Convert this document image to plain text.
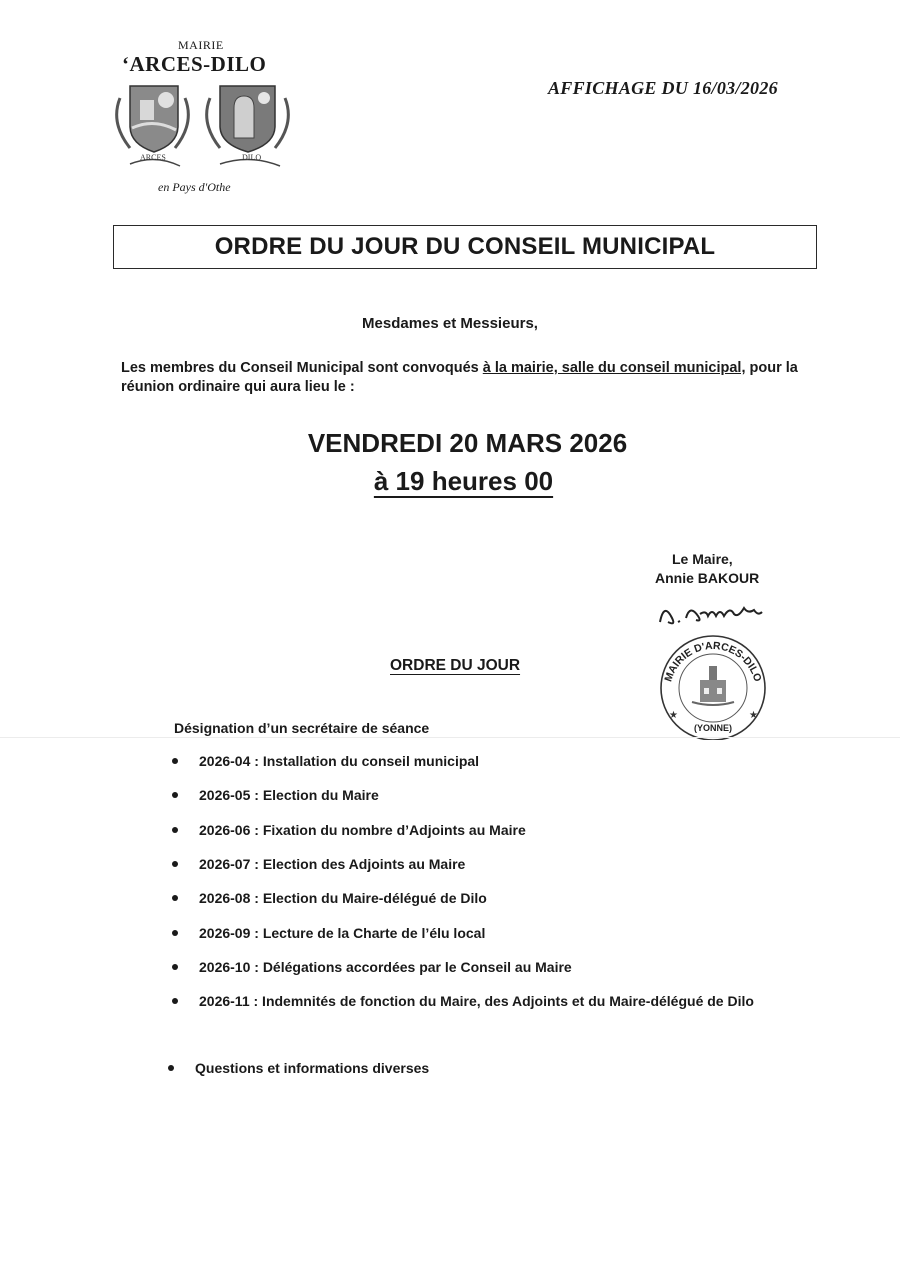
MAIRIE
ʻARCES-DILO
ARCES	DILO
en Pays d'Othe
AFFICHAGE DU 16/03/2026
ORDRE DU JOUR DU CONSEIL MUNICIPAL
Mesdames et Messieurs,
Les membres du Conseil Municipal sont convoqués à la mairie, salle du conseil municipal, pour la réunion ordinaire qui aura lieu le :
VENDREDI 20 MARS 2026
à 19 heures 00
Le Maire,
Annie BAKOUR
MAIRIE D'ARCES-DILO
★	★
(YONNE)
ORDRE DU JOUR
Désignation d’un secrétaire de séance
2026-04 : Installation du conseil municipal
2026-05 : Election du Maire
2026-06 : Fixation du nombre d’Adjoints au Maire
2026-07 : Election des Adjoints au Maire
2026-08 : Election du Maire-délégué de Dilo
2026-09 : Lecture de la Charte de l’élu local
2026-10 : Délégations accordées par le Conseil au Maire
2026-11 : Indemnités de fonction du Maire, des Adjoints et du Maire-délégué de Dilo
Questions et informations diverses
